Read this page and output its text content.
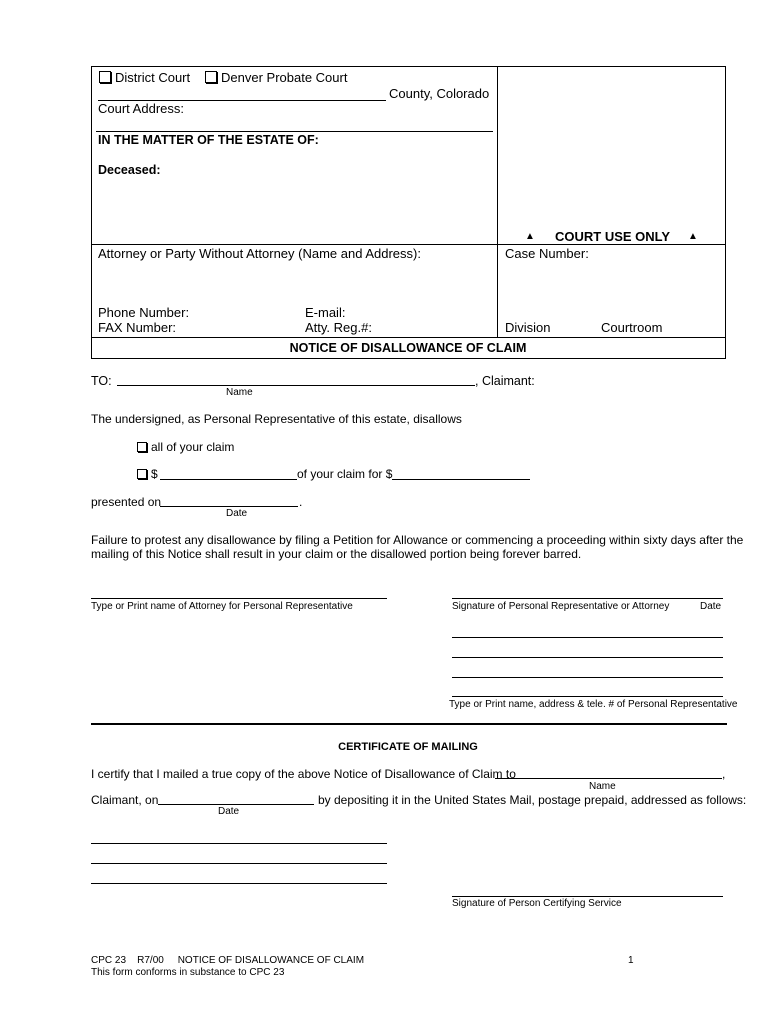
District Court	Denver Probate Court
County, Colorado
Court Address:
IN THE MATTER OF THE ESTATE OF:
Deceased:
▲ COURT USE ONLY ▲
Attorney or Party Without Attorney (Name and Address):	Case Number:
Phone Number:	E-mail:
FAX Number:	Atty. Reg.#:	Division	Courtroom
NOTICE OF DISALLOWANCE OF CLAIM
TO:	, Claimant:
Name
The undersigned, as Personal Representative of this estate, disallows
all of your claim
$	of your claim for $
presented on	.
Date
Failure to protest any disallowance by filing a Petition for Allowance or commencing a proceeding within sixty days after the
mailing of this Notice shall result in your claim or the disallowed portion being forever barred.
Type or Print name of Attorney for Personal Representative	Signature of Personal Representative or Attorney	Date
Type or Print name, address & tele. # of Personal Representative
CERTIFICATE OF MAILING
I certify that I mailed a true copy of the above Notice of Disallowance of Claim to	,
Name
Claimant, on	by depositing it in the United States Mail, postage prepaid, addressed as follows:
Date
Signature of Person Certifying Service
CPC 23    R7/00     NOTICE OF DISALLOWANCE OF CLAIM
This form conforms in substance to CPC 23
1
